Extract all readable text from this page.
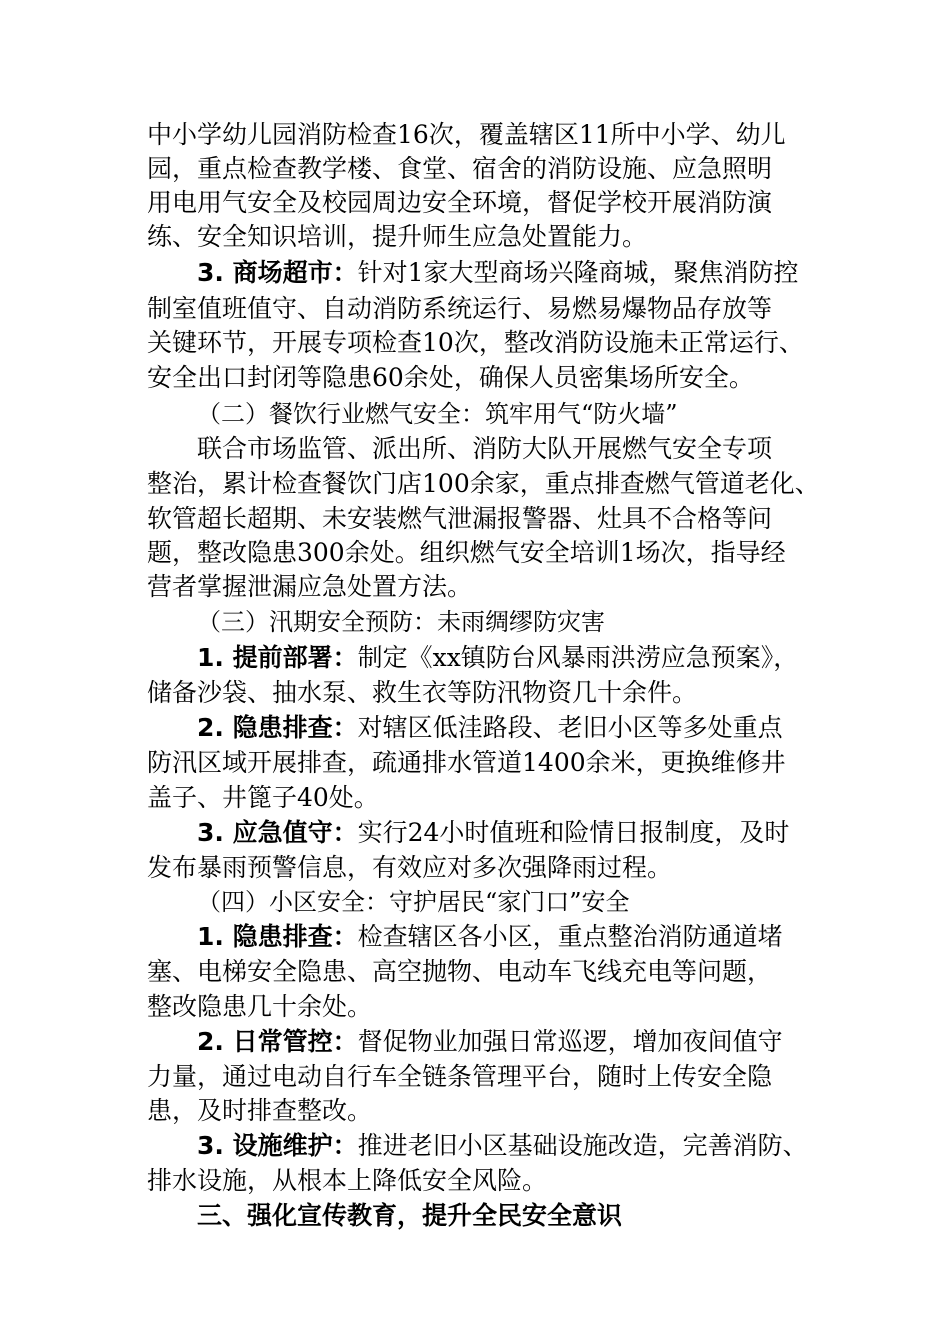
中小学幼儿园消防检查16次，覆盖辖区11所中小学、幼儿
园，重点检查教学楼、食堂、宿舍的消防设施、应急照明
用电用气安全及校园周边安全环境，督促学校开展消防演
练、安全知识培训，提升师生应急处置能力。
3. 商场超市：针对1家大型商场兴隆商城，聚焦消防控
制室值班值守、自动消防系统运行、易燃易爆物品存放等
关键环节，开展专项检查10次，整改消防设施未正常运行、
安全出口封闭等隐患60余处，确保人员密集场所安全。
（二）餐饮行业燃气安全：筑牢用气“防火墙”
联合市场监管、派出所、消防大队开展燃气安全专项
整治，累计检查餐饮门店100余家，重点排查燃气管道老化、
软管超长超期、未安装燃气泄漏报警器、灶具不合格等问
题，整改隐患300余处。组织燃气安全培训1场次，指导经
营者掌握泄漏应急处置方法。
（三）汛期安全预防：未雨绸缪防灾害
1. 提前部署：制定《xx镇防台风暴雨洪涝应急预案》，
储备沙袋、抽水泵、救生衣等防汛物资几十余件。
2. 隐患排查：对辖区低洼路段、老旧小区等多处重点
防汛区域开展排查，疏通排水管道1400余米，更换维修井
盖子、井篦子40处。
3. 应急值守：实行24小时值班和险情日报制度，及时
发布暴雨预警信息，有效应对多次强降雨过程。
（四）小区安全：守护居民“家门口”安全
1. 隐患排查：检查辖区各小区，重点整治消防通道堵
塞、电梯安全隐患、高空抛物、电动车飞线充电等问题，
整改隐患几十余处。
2. 日常管控：督促物业加强日常巡逻，增加夜间值守
力量，通过电动自行车全链条管理平台，随时上传安全隐
患，及时排查整改。
3. 设施维护：推进老旧小区基础设施改造，完善消防、
排水设施，从根本上降低安全风险。
三、强化宣传教育，提升全民安全意识
